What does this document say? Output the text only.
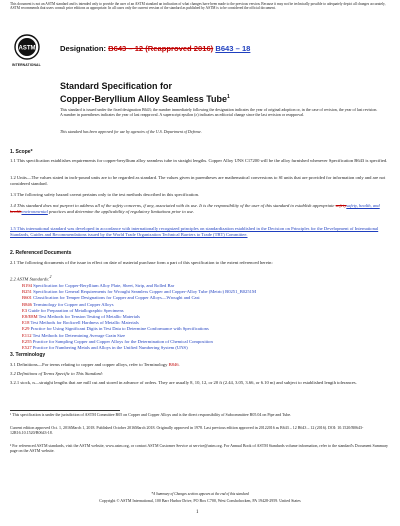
This document is not an ASTM standard and is intended only to provide the user of an ASTM standard an indication of what changes have been made to the previous version. Because it may not be technically possible to adequately depict all changes accurately, ASTM recommends that users consult prior editions as appropriate. In all cases only the current version of the standard as published by ASTM is to be considered the official document.
ASTM
INTERNATIONAL
Designation: B643 – 12 (Reapproved 2016) B643 – 18
Standard Specification for
Copper-Beryllium Alloy Seamless Tube$^1$
This standard is issued under the fixed designation B643; the number immediately following the designation indicates the year of original adoption or, in the case of revision, the year of last revision. A number in parentheses indicates the year of last reapproval. A superscript epsilon (ε) indicates an editorial change since the last revision or reapproval.
This standard has been approved for use by agencies of the U.S. Department of Defense.
1. Scope*
1.1 This specification establishes requirements for copper-beryllium alloy seamless tube in straight lengths. Copper Alloy UNS C17200 will be the alloy furnished whenever Specification B643 is specified.
1.2 Units—The values stated in inch-pound units are to be regarded as standard. The values given in parentheses are mathematical conversions to SI units that are provided for information only and are not considered standard.
1.3 The following safety hazard caveat pertains only to the test methods described in this specification.
1.4 This standard does not purport to address all of the safety concerns, if any, associated with its use. It is the responsibility of the user of this standard to establish appropriate safetysafety, health, and healthenvironmental practices and determine the applicability of regulatory limitations prior to use.
1.5 This international standard was developed in accordance with internationally recognized principles on standardization established in the Decision on Principles for the Development of International Standards, Guides and Recommendations issued by the World Trade Organization Technical Barriers to Trade (TBT) Committee.
2. Referenced Documents
2.1 The following documents of the issue in effect on date of material purchase form a part of this specification to the extent referenced herein:
2.2 ASTM Standards:$^2$
B194 Specification for Copper-Beryllium Alloy Plate, Sheet, Strip, and Rolled Bar
B251 Specification for General Requirements for Wrought Seamless Copper and Copper-Alloy Tube (Metric) B0251_B0251M
B601 Classification for Temper Designations for Copper and Copper Alloys—Wrought and Cast
B846 Terminology for Copper and Copper Alloys
E3 Guide for Preparation of Metallographic Specimens
E8/E8M Test Methods for Tension Testing of Metallic Materials
E18 Test Methods for Rockwell Hardness of Metallic Materials
E29 Practice for Using Significant Digits in Test Data to Determine Conformance with Specifications
E112 Test Methods for Determining Average Grain Size
E255 Practice for Sampling Copper and Copper Alloys for the Determination of Chemical Composition
E527 Practice for Numbering Metals and Alloys in the Unified Numbering System (UNS)
3. Terminology
3.1 Definitions—For terms relating to copper and copper alloys, refer to Terminology B846.
3.2 Definitions of Terms Specific to This Standard:
3.2.1 stock, n—straight lengths that are mill cut and stored in advance of orders. They are usually 8, 10, 12, or 20 ft (2.44, 3.05, 3.66, or 6.10 m) and subject to established length tolerances.
¹ This specification is under the jurisdiction of ASTM Committee B05 on Copper and Copper Alloys and is the direct responsibility of Subcommittee B05.04 on Pipe and Tube.
Current edition approved Oct. 1, 2016March 1, 2018. Published October 2016March 2018. Originally approved in 1978. Last previous edition approved in 20122016 as B643 – 12 B643 – 12 (2016). DOI: 10.1520/B0643-12R16.10.1520/B0643-18.
² For referenced ASTM standards, visit the ASTM website, www.astm.org, or contact ASTM Customer Service at service@astm.org. For Annual Book of ASTM Standards volume information, refer to the standard's Document Summary page on the ASTM website.
*A Summary of Changes section appears at the end of this standard
Copyright © ASTM International, 100 Barr Harbor Drive, PO Box C700, West Conshohocken, PA 19428-2959. United States
1
